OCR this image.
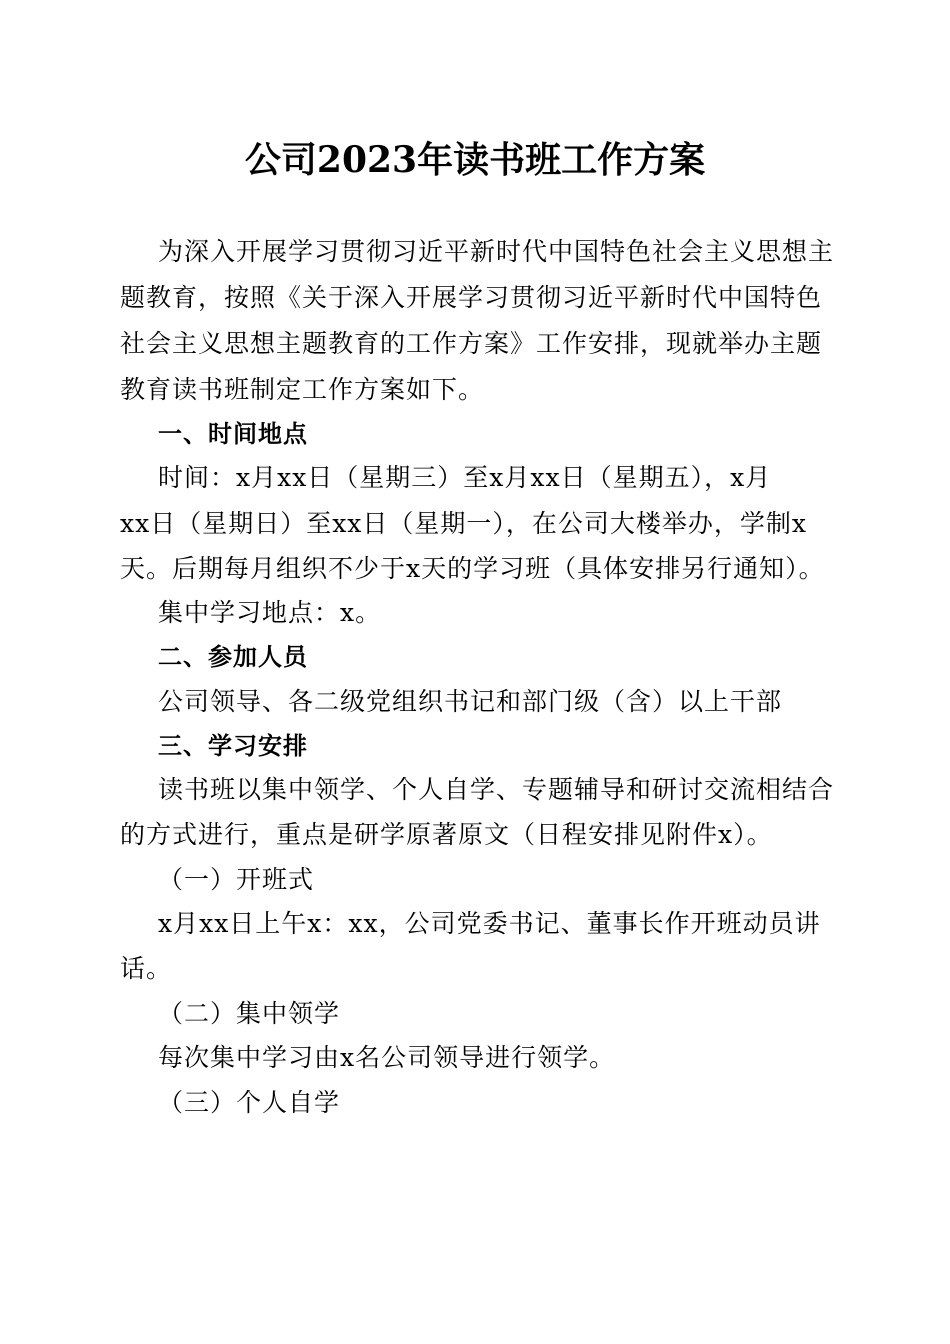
公司2023年读书班工作方案
为深入开展学习贯彻习近平新时代中国特色社会主义思想主
题教育，按照《关于深入开展学习贯彻习近平新时代中国特色
社会主义思想主题教育的工作方案》工作安排，现就举办主题
教育读书班制定工作方案如下。
一、时间地点
时间：x月xx日（星期三）至x月xx日（星期五），x月
xx日（星期日）至xx日（星期一），在公司大楼举办，学制x
天。后期每月组织不少于x天的学习班（具体安排另行通知）。
集中学习地点：x。
二、参加人员
公司领导、各二级党组织书记和部门级（含）以上干部
三、学习安排
读书班以集中领学、个人自学、专题辅导和研讨交流相结合
的方式进行，重点是研学原著原文（日程安排见附件x）。
（一）开班式
x月xx日上午x：xx，公司党委书记、董事长作开班动员讲
话。
（二）集中领学
每次集中学习由x名公司领导进行领学。
（三）个人自学
